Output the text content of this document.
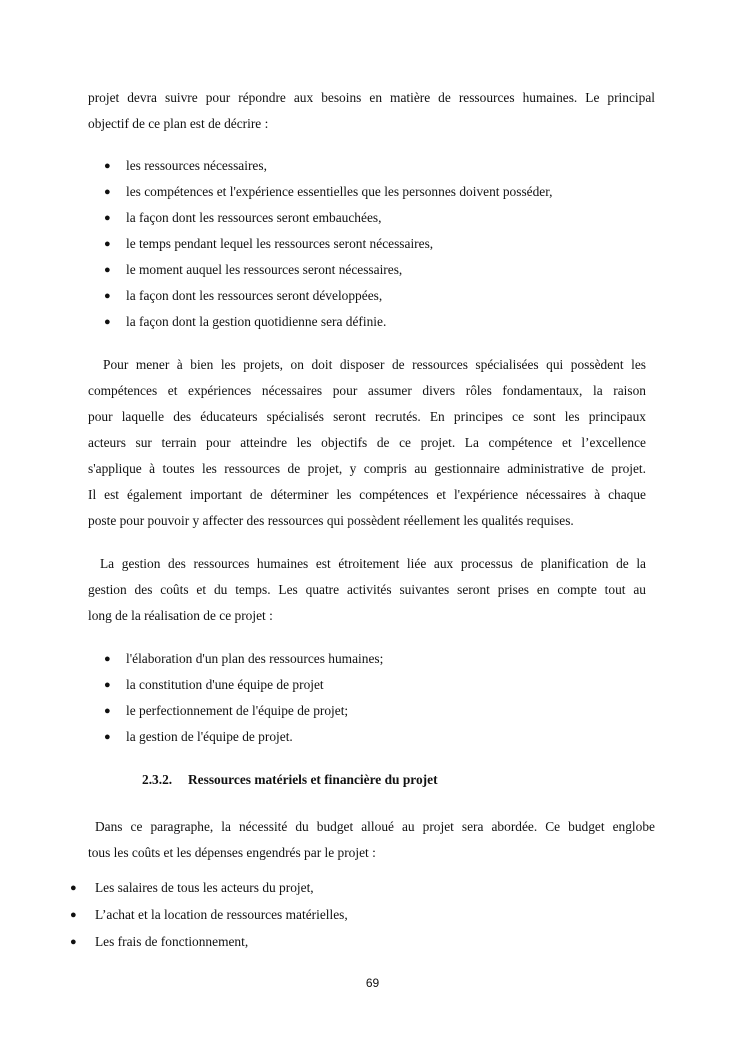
projet devra suivre pour répondre aux besoins en matière de ressources humaines. Le principal
objectif de ce plan est de décrire :
● les ressources nécessaires,
● les compétences et l'expérience essentielles que les personnes doivent posséder,
● la façon dont les ressources seront embauchées,
● le temps pendant lequel les ressources seront nécessaires,
● le moment auquel les ressources seront nécessaires,
● la façon dont les ressources seront développées,
● la façon dont la gestion quotidienne sera définie.
Pour mener à bien les projets, on doit disposer de ressources spécialisées qui possèdent les
compétences et expériences nécessaires pour assumer divers rôles fondamentaux, la raison
pour laquelle des éducateurs spécialisés seront recrutés. En principes ce sont les principaux
acteurs sur terrain pour atteindre les objectifs de ce projet. La compétence et l’excellence
s'applique à toutes les ressources de projet, y compris au gestionnaire administrative de projet.
Il est également important de déterminer les compétences et l'expérience nécessaires à chaque
poste pour pouvoir y affecter des ressources qui possèdent réellement les qualités requises.
La gestion des ressources humaines est étroitement liée aux processus de planification de la
gestion des coûts et du temps. Les quatre activités suivantes seront prises en compte tout au
long de la réalisation de ce projet :
● l'élaboration d'un plan des ressources humaines;
● la constitution d'une équipe de projet
● le perfectionnement de l'équipe de projet;
● la gestion de l'équipe de projet.
2.3.2. Ressources matériels et financière du projet
Dans ce paragraphe, la nécessité du budget alloué au projet sera abordée. Ce budget englobe
tous les coûts et les dépenses engendrés par le projet :
● Les salaires de tous les acteurs du projet,
● L’achat et la location de ressources matérielles,
● Les frais de fonctionnement,
69
